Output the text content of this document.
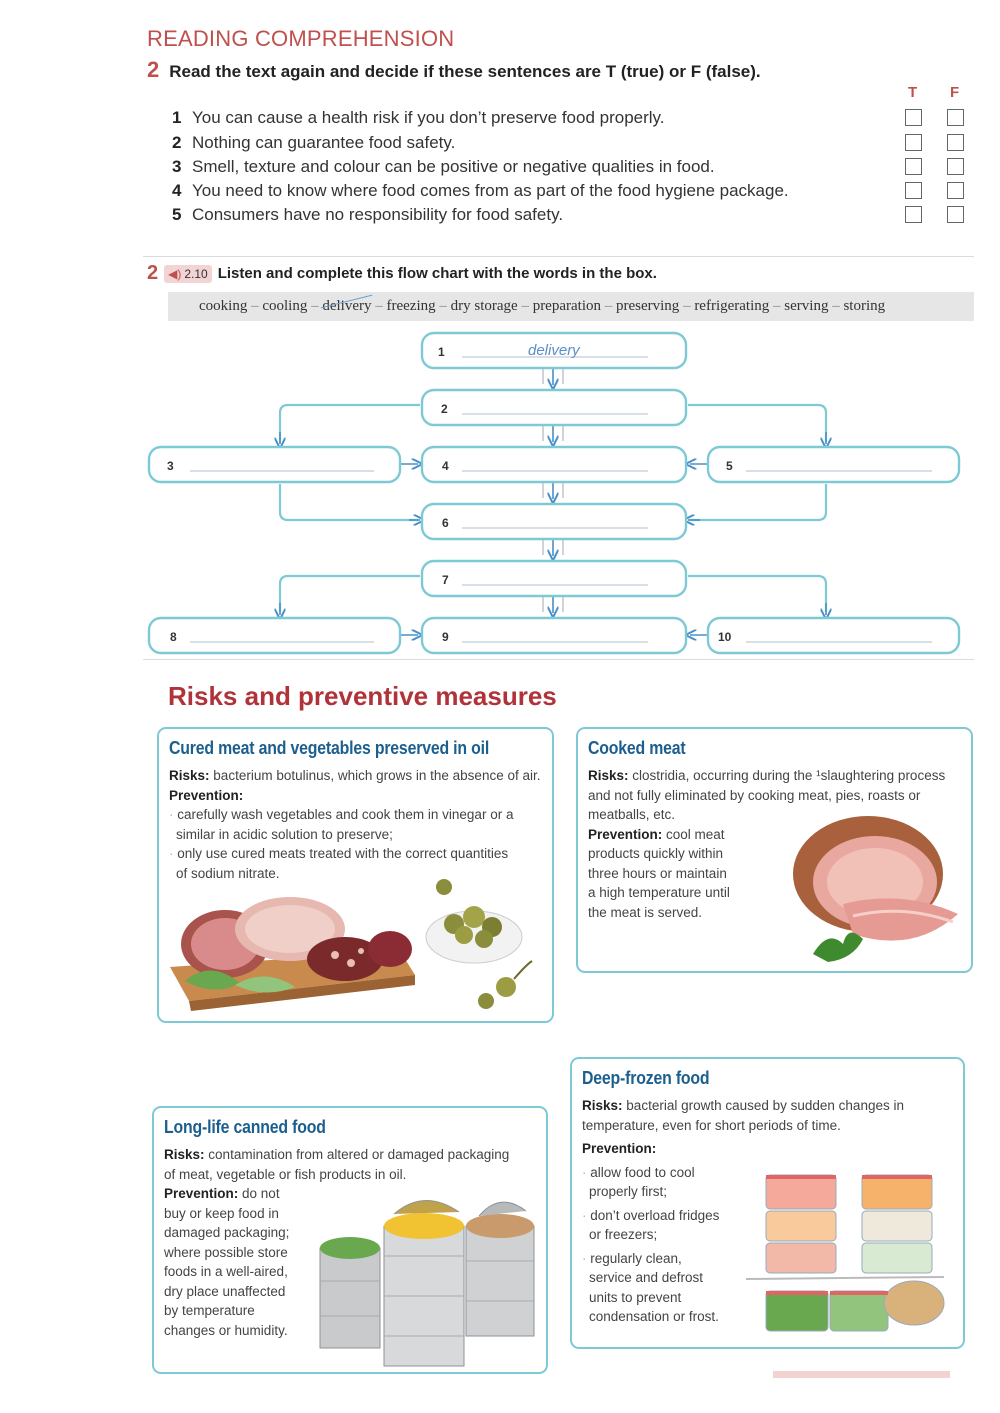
READING COMPREHENSION
2 Read the text again and decide if these sentences are T (true) or F (false).
T F
1 You can cause a health risk if you don’t preserve food properly.
2 Nothing can guarantee food safety.
3 Smell, texture and colour can be positive or negative qualities in food.
4 You need to know where food comes from as part of the food hygiene package.
5 Consumers have no responsibility for food safety.
2 ◀) 2.10 Listen and complete this flow chart with the words in the box.
cooking – cooling – delivery – freezing – dry storage – preparation – preserving – refrigerating – serving – storing
1
2
3	4	5
6
7
8	9	10
delivery
Risks and preventive measures
Cured meat and vegetables preserved in oil
Risks: bacterium botulinus, which grows in the absence of air.
Prevention:
· carefully wash vegetables and cook them in vinegar or a
similar in acidic solution to preserve;
· only use cured meats treated with the correct quantities
of sodium nitrate.
Cooked meat
Risks: clostridia, occurring during the ¹slaughtering process
and not fully eliminated by cooking meat, pies, roasts or
meatballs, etc.
Prevention: cool meat
products quickly within
three hours or maintain
a high temperature until
the meat is served.
Long-life canned food
Risks: contamination from altered or damaged packaging
of meat, vegetable or fish products in oil.
Prevention: do not
buy or keep food in
damaged packaging;
where possible store
foods in a well-aired,
dry place unaffected
by temperature
changes or humidity.
Deep-frozen food
Risks: bacterial growth caused by sudden changes in
temperature, even for short periods of time.
Prevention:
· allow food to cool
properly first;
· don’t overload fridges
or freezers;
· regularly clean,
service and defrost
units to prevent
condensation or frost.
